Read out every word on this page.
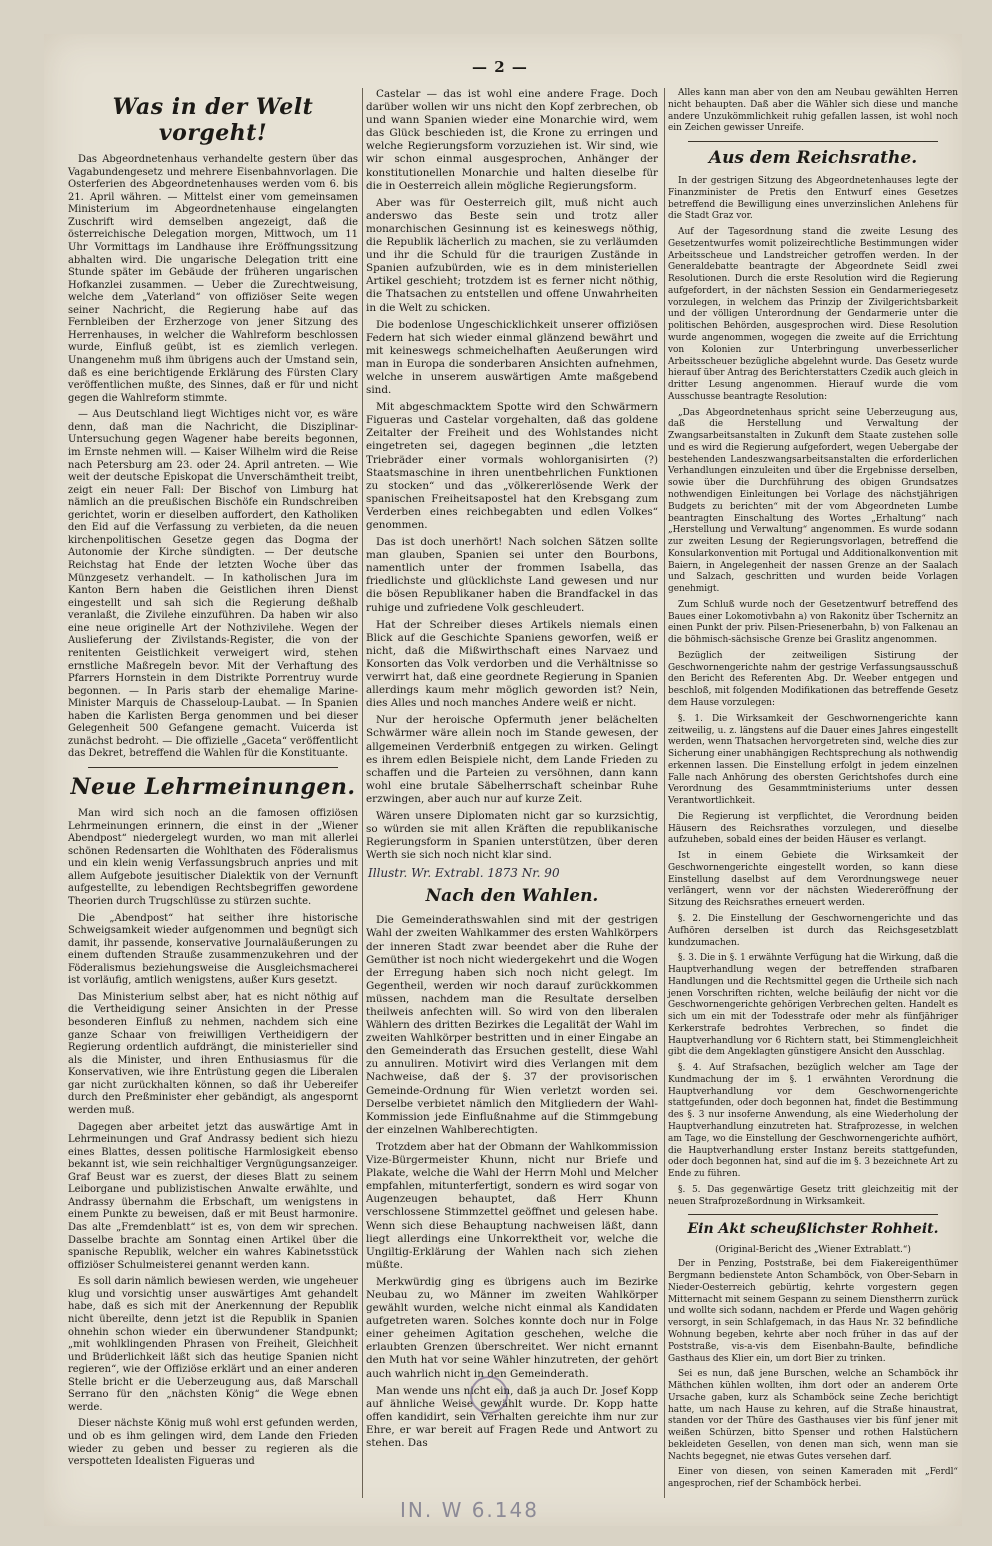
— 2 —
Was in der Welt vorgeht!

Das Abgeordnetenhaus verhandelte gestern über das Vagabundengesetz und mehrere Eisenbahnvorlagen. Die Osterferien des Abgeordnetenhauses werden vom 6. bis 21. April währen. — Mittelst einer vom gemeinsamen Ministerium im Abgeordnetenhause eingelangten Zuschrift wird demselben angezeigt, daß die österreichische Delegation morgen, Mittwoch, um 11 Uhr Vormittags im Landhause ihre Eröffnungssitzung abhalten wird. Die ungarische Delegation tritt eine Stunde später im Gebäude der früheren ungarischen Hofkanzlei zusammen. — Ueber die Zurechtweisung, welche dem „Vaterland“ von offiziöser Seite wegen seiner Nachricht, die Regierung habe auf das Fernbleiben der Erzherzoge von jener Sitzung des Herrenhauses, in welcher die Wahlreform beschlossen wurde, Einfluß geübt, ist es ziemlich verlegen. Unangenehm muß ihm übrigens auch der Umstand sein, daß es eine berichtigende Erklärung des Fürsten Clary veröffentlichen mußte, des Sinnes, daß er für und nicht gegen die Wahlreform stimmte.

— Aus Deutschland liegt Wichtiges nicht vor, es wäre denn, daß man die Nachricht, die Disziplinar-Untersuchung gegen Wagener habe bereits begonnen, im Ernste nehmen will. — Kaiser Wilhelm wird die Reise nach Petersburg am 23. oder 24. April antreten. — Wie weit der deutsche Episkopat die Unverschämtheit treibt, zeigt ein neuer Fall: Der Bischof von Limburg hat nämlich an die preußischen Bischöfe ein Rundschreiben gerichtet, worin er dieselben auffordert, den Katholiken den Eid auf die Verfassung zu verbieten, da die neuen kirchenpolitischen Gesetze gegen das Dogma der Autonomie der Kirche sündigten. — Der deutsche Reichstag hat Ende der letzten Woche über das Münzgesetz verhandelt. — In katholischen Jura im Kanton Bern haben die Geistlichen ihren Dienst eingestellt und sah sich die Regierung deßhalb veranlaßt, die Zivilehe einzuführen. Da haben wir also eine neue originelle Art der Nothzivilehe. Wegen der Auslieferung der Zivilstands-Register, die von der renitenten Geistlichkeit verweigert wird, stehen ernstliche Maßregeln bevor. Mit der Verhaftung des Pfarrers Hornstein in dem Distrikte Porrentruy wurde begonnen. — In Paris starb der ehemalige Marine-Minister Marquis de Chasseloup-Laubat. — In Spanien haben die Karlisten Berga genommen und bei dieser Gelegenheit 500 Gefangene gemacht. Vuicerda ist zunächst bedroht. — Die offizielle „Gaceta“ veröffentlicht das Dekret, betreffend die Wahlen für die Konstituante.

Neue Lehrmeinungen.

Man wird sich noch an die famosen offiziösen Lehrmeinungen erinnern, die einst in der „Wiener Abendpost“ niedergelegt wurden, wo man mit allerlei schönen Redensarten die Wohlthaten des Föderalismus und ein klein wenig Verfassungsbruch anpries und mit allem Aufgebote jesuitischer Dialektik von der Vernunft aufgestellte, zu lebendigen Rechtsbegriffen gewordene Theorien durch Trugschlüsse zu stürzen suchte.

Die „Abendpost“ hat seither ihre historische Schweigsamkeit wieder aufgenommen und begnügt sich damit, ihr passende, konservative Journaläußerungen zu einem duftenden Strauße zusammenzukehren und der Föderalismus beziehungsweise die Ausgleichsmacherei ist vorläufig, amtlich wenigstens, außer Kurs gesetzt.

Das Ministerium selbst aber, hat es nicht nöthig auf die Vertheidigung seiner Ansichten in der Presse besonderen Einfluß zu nehmen, nachdem sich eine ganze Schaar von freiwilligen Vertheidigern der Regierung ordentlich aufdrängt, die ministerieller sind als die Minister, und ihren Enthusiasmus für die Konservativen, wie ihre Entrüstung gegen die Liberalen gar nicht zurückhalten können, so daß ihr Uebereifer durch den Preßminister eher gebändigt, als angespornt werden muß.

Dagegen aber arbeitet jetzt das auswärtige Amt in Lehrmeinungen und Graf Andrassy bedient sich hiezu eines Blattes, dessen politische Harmlosigkeit ebenso bekannt ist, wie sein reichhaltiger Vergnügungsanzeiger. Graf Beust war es zuerst, der dieses Blatt zu seinem Leiborgane und publizistischen Anwalte erwählte, und Andrassy übernahm die Erbschaft, um wenigstens in einem Punkte zu beweisen, daß er mit Beust harmonire. Das alte „Fremdenblatt“ ist es, von dem wir sprechen. Dasselbe brachte am Sonntag einen Artikel über die spanische Republik, welcher ein wahres Kabinetsstück offiziöser Schulmeisterei genannt werden kann.

Es soll darin nämlich bewiesen werden, wie ungeheuer klug und vorsichtig unser auswärtiges Amt gehandelt habe, daß es sich mit der Anerkennung der Republik nicht übereilte, denn jetzt ist die Republik in Spanien ohnehin schon wieder ein überwundener Standpunkt; „mit wohlklingenden Phrasen von Freiheit, Gleichheit und Brüderlichkeit läßt sich das heutige Spanien nicht regieren“, wie der Offiziöse erklärt und an einer anderen Stelle bricht er die Ueberzeugung aus, daß Marschall Serrano für den „nächsten König“ die Wege ebnen werde.

Dieser nächste König muß wohl erst gefunden werden, und ob es ihm gelingen wird, dem Lande den Frieden wieder zu geben und besser zu regieren als die verspotteten Idealisten Figueras und

Castelar — das ist wohl eine andere Frage. Doch darüber wollen wir uns nicht den Kopf zerbrechen, ob und wann Spanien wieder eine Monarchie wird, wem das Glück beschieden ist, die Krone zu erringen und welche Regierungsform vorzuziehen ist. Wir sind, wie wir schon einmal ausgesprochen, Anhänger der konstitutionellen Monarchie und halten dieselbe für die in Oesterreich allein mögliche Regierungsform.

Aber was für Oesterreich gilt, muß nicht auch anderswo das Beste sein und trotz aller monarchischen Gesinnung ist es keineswegs nöthig, die Republik lächerlich zu machen, sie zu verläumden und ihr die Schuld für die traurigen Zustände in Spanien aufzubürden, wie es in dem ministeriellen Artikel geschieht; trotzdem ist es ferner nicht nöthig, die Thatsachen zu entstellen und offene Unwahrheiten in die Welt zu schicken.

Die bodenlose Ungeschicklichkeit unserer offiziösen Federn hat sich wieder einmal glänzend bewährt und mit keineswegs schmeichelhaften Aeußerungen wird man in Europa die sonderbaren Ansichten aufnehmen, welche in unserem auswärtigen Amte maßgebend sind.

Mit abgeschmacktem Spotte wird den Schwärmern Figueras und Castelar vorgehalten, daß das goldene Zeitalter der Freiheit und des Wohlstandes nicht eingetreten sei, dagegen beginnen „die letzten Triebräder einer vormals wohlorganisirten (?) Staatsmaschine in ihren unentbehrlichen Funktionen zu stocken“ und das „völkererlösende Werk der spanischen Freiheitsapostel hat den Krebsgang zum Verderben eines reichbegabten und edlen Volkes“ genommen.

Das ist doch unerhört! Nach solchen Sätzen sollte man glauben, Spanien sei unter den Bourbons, namentlich unter der frommen Isabella, das friedlichste und glücklichste Land gewesen und nur die bösen Republikaner haben die Brandfackel in das ruhige und zufriedene Volk geschleudert.

Hat der Schreiber dieses Artikels niemals einen Blick auf die Geschichte Spaniens geworfen, weiß er nicht, daß die Mißwirthschaft eines Narvaez und Konsorten das Volk verdorben und die Verhältnisse so verwirrt hat, daß eine geordnete Regierung in Spanien allerdings kaum mehr möglich geworden ist? Nein, dies Alles und noch manches Andere weiß er nicht.

Nur der heroische Opfermuth jener belächelten Schwärmer wäre allein noch im Stande gewesen, der allgemeinen Verderbniß entgegen zu wirken. Gelingt es ihrem edlen Beispiele nicht, dem Lande Frieden zu schaffen und die Parteien zu versöhnen, dann kann wohl eine brutale Säbelherrschaft scheinbar Ruhe erzwingen, aber auch nur auf kurze Zeit.

Wären unsere Diplomaten nicht gar so kurzsichtig, so würden sie mit allen Kräften die republikanische Regierungsform in Spanien unterstützen, über deren Werth sie sich noch nicht klar sind.

Illustr. Wr. Extrabl. 1873 Nr. 90
Nach den Wahlen.

Die Gemeinderathswahlen sind mit der gestrigen Wahl der zweiten Wahlkammer des ersten Wahlkörpers der inneren Stadt zwar beendet aber die Ruhe der Gemüther ist noch nicht wiedergekehrt und die Wogen der Erregung haben sich noch nicht gelegt. Im Gegentheil, werden wir noch darauf zurückkommen müssen, nachdem man die Resultate derselben theilweis anfechten will. So wird von den liberalen Wählern des dritten Bezirkes die Legalität der Wahl im zweiten Wahlkörper bestritten und in einer Eingabe an den Gemeinderath das Ersuchen gestellt, diese Wahl zu annuliren. Motivirt wird dies Verlangen mit dem Nachweise, daß der §. 37 der provisorischen Gemeinde-Ordnung für Wien verletzt worden sei. Derselbe verbietet nämlich den Mitgliedern der Wahl-Kommission jede Einflußnahme auf die Stimmgebung der einzelnen Wahlberechtigten.

Trotzdem aber hat der Obmann der Wahlkommission Vize-Bürgermeister Khunn, nicht nur Briefe und Plakate, welche die Wahl der Herrn Mohl und Melcher empfahlen, mitunterfertigt, sondern es wird sogar von Augenzeugen behauptet, daß Herr Khunn verschlossene Stimmzettel geöffnet und gelesen habe. Wenn sich diese Behauptung nachweisen läßt, dann liegt allerdings eine Unkorrektheit vor, welche die Ungiltig-Erklärung der Wahlen nach sich ziehen müßte.

Merkwürdig ging es übrigens auch im Bezirke Neubau zu, wo Männer im zweiten Wahlkörper gewählt wurden, welche nicht einmal als Kandidaten aufgetreten waren. Solches konnte doch nur in Folge einer geheimen Agitation geschehen, welche die erlaubten Grenzen überschreitet. Wer nicht ernannt den Muth hat vor seine Wähler hinzutreten, der gehört auch wahrlich nicht in den Gemeinderath.

Man wende uns nicht ein, daß ja auch Dr. Josef Kopp auf ähnliche Weise gewählt wurde. Dr. Kopp hatte offen kandidirt, sein Verhalten gereichte ihm nur zur Ehre, er war bereit auf Fragen Rede und Antwort zu stehen. Das

Alles kann man aber von den am Neubau gewählten Herren nicht behaupten. Daß aber die Wähler sich diese und manche andere Unzukömmlichkeit ruhig gefallen lassen, ist wohl noch ein Zeichen gewisser Unreife.

Aus dem Reichsrathe.

In der gestrigen Sitzung des Abgeordnetenhauses legte der Finanzminister de Pretis den Entwurf eines Gesetzes betreffend die Bewilligung eines unverzinslichen Anlehens für die Stadt Graz vor.

Auf der Tagesordnung stand die zweite Lesung des Gesetzentwurfes womit polizeirechtliche Bestimmungen wider Arbeitsscheue und Landstreicher getroffen werden. In der Generaldebatte beantragte der Abgeordnete Seidl zwei Resolutionen. Durch die erste Resolution wird die Regierung aufgefordert, in der nächsten Session ein Gendarmeriegesetz vorzulegen, in welchem das Prinzip der Zivilgerichtsbarkeit und der völligen Unterordnung der Gendarmerie unter die politischen Behörden, ausgesprochen wird. Diese Resolution wurde angenommen, wogegen die zweite auf die Errichtung von Kolonien zur Unterbringung unverbesserlicher Arbeitsscheuer bezügliche abgelehnt wurde. Das Gesetz wurde hierauf über Antrag des Berichterstatters Czedik auch gleich in dritter Lesung angenommen. Hierauf wurde die vom Ausschusse beantragte Resolution:

„Das Abgeordnetenhaus spricht seine Ueberzeugung aus, daß die Herstellung und Verwaltung der Zwangsarbeitsanstalten in Zukunft dem Staate zustehen solle und es wird die Regierung aufgefordert, wegen Uebergabe der bestehenden Landeszwangsarbeitsanstalten die erforderlichen Verhandlungen einzuleiten und über die Ergebnisse derselben, sowie über die Durchführung des obigen Grundsatzes nothwendigen Einleitungen bei Vorlage des nächstjährigen Budgets zu berichten“ mit der vom Abgeordneten Lumbe beantragten Einschaltung des Wortes „Erhaltung“ nach „Herstellung und Verwaltung“ angenommen. Es wurde sodann zur zweiten Lesung der Regierungsvorlagen, betreffend die Konsularkonvention mit Portugal und Additionalkonvention mit Baiern, in Angelegenheit der nassen Grenze an der Saalach und Salzach, geschritten und wurden beide Vorlagen genehmigt.

Zum Schluß wurde noch der Gesetzentwurf betreffend des Baues einer Lokomotivbahn a) von Rakonitz über Tschernitz an einen Punkt der priv. Pilsen-Priesenerbahn, b) von Falkenau an die böhmisch-sächsische Grenze bei Graslitz angenommen.

Bezüglich der zeitweiligen Sistirung der Geschwornengerichte nahm der gestrige Verfassungsausschuß den Bericht des Referenten Abg. Dr. Weeber entgegen und beschloß, mit folgenden Modifikationen das betreffende Gesetz dem Hause vorzulegen:

§. 1. Die Wirksamkeit der Geschwornengerichte kann zeitweilig, u. z. längstens auf die Dauer eines Jahres eingestellt werden, wenn Thatsachen hervorgetreten sind, welche dies zur Sicherung einer unabhängigen Rechtsprechung als nothwendig erkennen lassen. Die Einstellung erfolgt in jedem einzelnen Falle nach Anhörung des obersten Gerichtshofes durch eine Verordnung des Gesammtministeriums unter dessen Verantwortlichkeit.

Die Regierung ist verpflichtet, die Verordnung beiden Häusern des Reichsrathes vorzulegen, und dieselbe aufzuheben, sobald eines der beiden Häuser es verlangt.

Ist in einem Gebiete die Wirksamkeit der Geschwornengerichte eingestellt worden, so kann diese Einstellung daselbst auf dem Verordnungswege neuer verlängert, wenn vor der nächsten Wiedereröffnung der Sitzung des Reichsrathes erneuert werden.

§. 2. Die Einstellung der Geschwornengerichte und das Aufhören derselben ist durch das Reichsgesetzblatt kundzumachen.

§. 3. Die in §. 1 erwähnte Verfügung hat die Wirkung, daß die Hauptverhandlung wegen der betreffenden strafbaren Handlungen und die Rechtsmittel gegen die Urtheile sich nach jenen Vorschriften richten, welche beiläufig der nicht vor die Geschwornengerichte gehörigen Verbrechen gelten. Handelt es sich um ein mit der Todesstrafe oder mehr als fünfjähriger Kerkerstrafe bedrohtes Verbrechen, so findet die Hauptverhandlung vor 6 Richtern statt, bei Stimmengleichheit gibt die dem Angeklagten günstigere Ansicht den Ausschlag.

§. 4. Auf Strafsachen, bezüglich welcher am Tage der Kundmachung der im §. 1 erwähnten Verordnung die Hauptverhandlung vor dem Geschwornengerichte stattgefunden, oder doch begonnen hat, findet die Bestimmung des §. 3 nur insoferne Anwendung, als eine Wiederholung der Hauptverhandlung einzutreten hat. Strafprozesse, in welchen am Tage, wo die Einstellung der Geschwornengerichte aufhört, die Hauptverhandlung erster Instanz bereits stattgefunden, oder doch begonnen hat, sind auf die im §. 3 bezeichnete Art zu Ende zu führen.

§. 5. Das gegenwärtige Gesetz tritt gleichzeitig mit der neuen Strafprozeßordnung in Wirksamkeit.

Ein Akt scheußlichster Rohheit.
(Original-Bericht des „Wiener Extrablatt.“)

Der in Penzing, Poststraße, bei dem Fiakereigenthümer Bergmann bedienstete Anton Schamböck, von Ober-Sebarn in Nieder-Oesterreich gebürtig, kehrte vorgestern gegen Mitternacht mit seinem Gespann zu seinem Dienstherrn zurück und wollte sich sodann, nachdem er Pferde und Wagen gehörig versorgt, in sein Schlafgemach, in das Haus Nr. 32 befindliche Wohnung begeben, kehrte aber noch früher in das auf der Poststraße, vis-a-vis dem Eisenbahn-Baulte, befindliche Gasthaus des Klier ein, um dort Bier zu trinken.

Sei es nun, daß jene Burschen, welche an Schamböck ihr Mäthchen kühlen wollten, ihm dort oder an anderem Orte Ursache gaben, kurz als Schamböck seine Zeche berichtigt hatte, um nach Hause zu kehren, auf die Straße hinaustrat, standen vor der Thüre des Gasthauses vier bis fünf jener mit weißen Schürzen, bitto Spenser und rothen Halstüchern bekleideten Gesellen, von denen man sich, wenn man sie Nachts begegnet, nie etwas Gutes versehen darf.

Einer von diesen, von seinen Kameraden mit „Ferdl“ angesprochen, rief der Schamböck herbei.

IN. W 6.148
